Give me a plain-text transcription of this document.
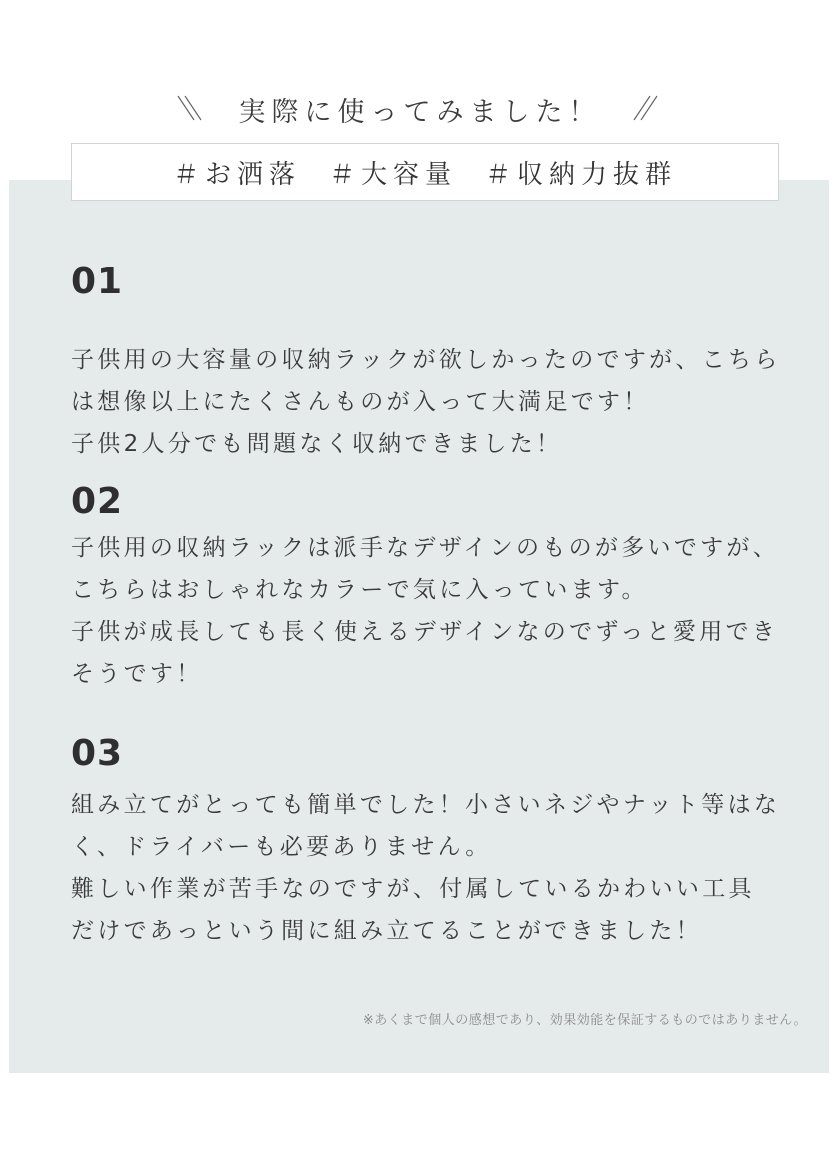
実際に使ってみました！
＃お洒落 ＃大容量 ＃収納力抜群
01
子供用の大容量の収納ラックが欲しかったのですが、こちら
は想像以上にたくさんものが入って大満足です！
子供2人分でも問題なく収納できました！
02
子供用の収納ラックは派手なデザインのものが多いですが、
こちらはおしゃれなカラーで気に入っています。
子供が成長しても長く使えるデザインなのでずっと愛用でき
そうです！
03
組み立てがとっても簡単でした！小さいネジやナット等はな
く、ドライバーも必要ありません。
難しい作業が苦手なのですが、付属しているかわいい工具
だけであっという間に組み立てることができました！
※あくまで個人の感想であり、効果効能を保証するものではありません。
